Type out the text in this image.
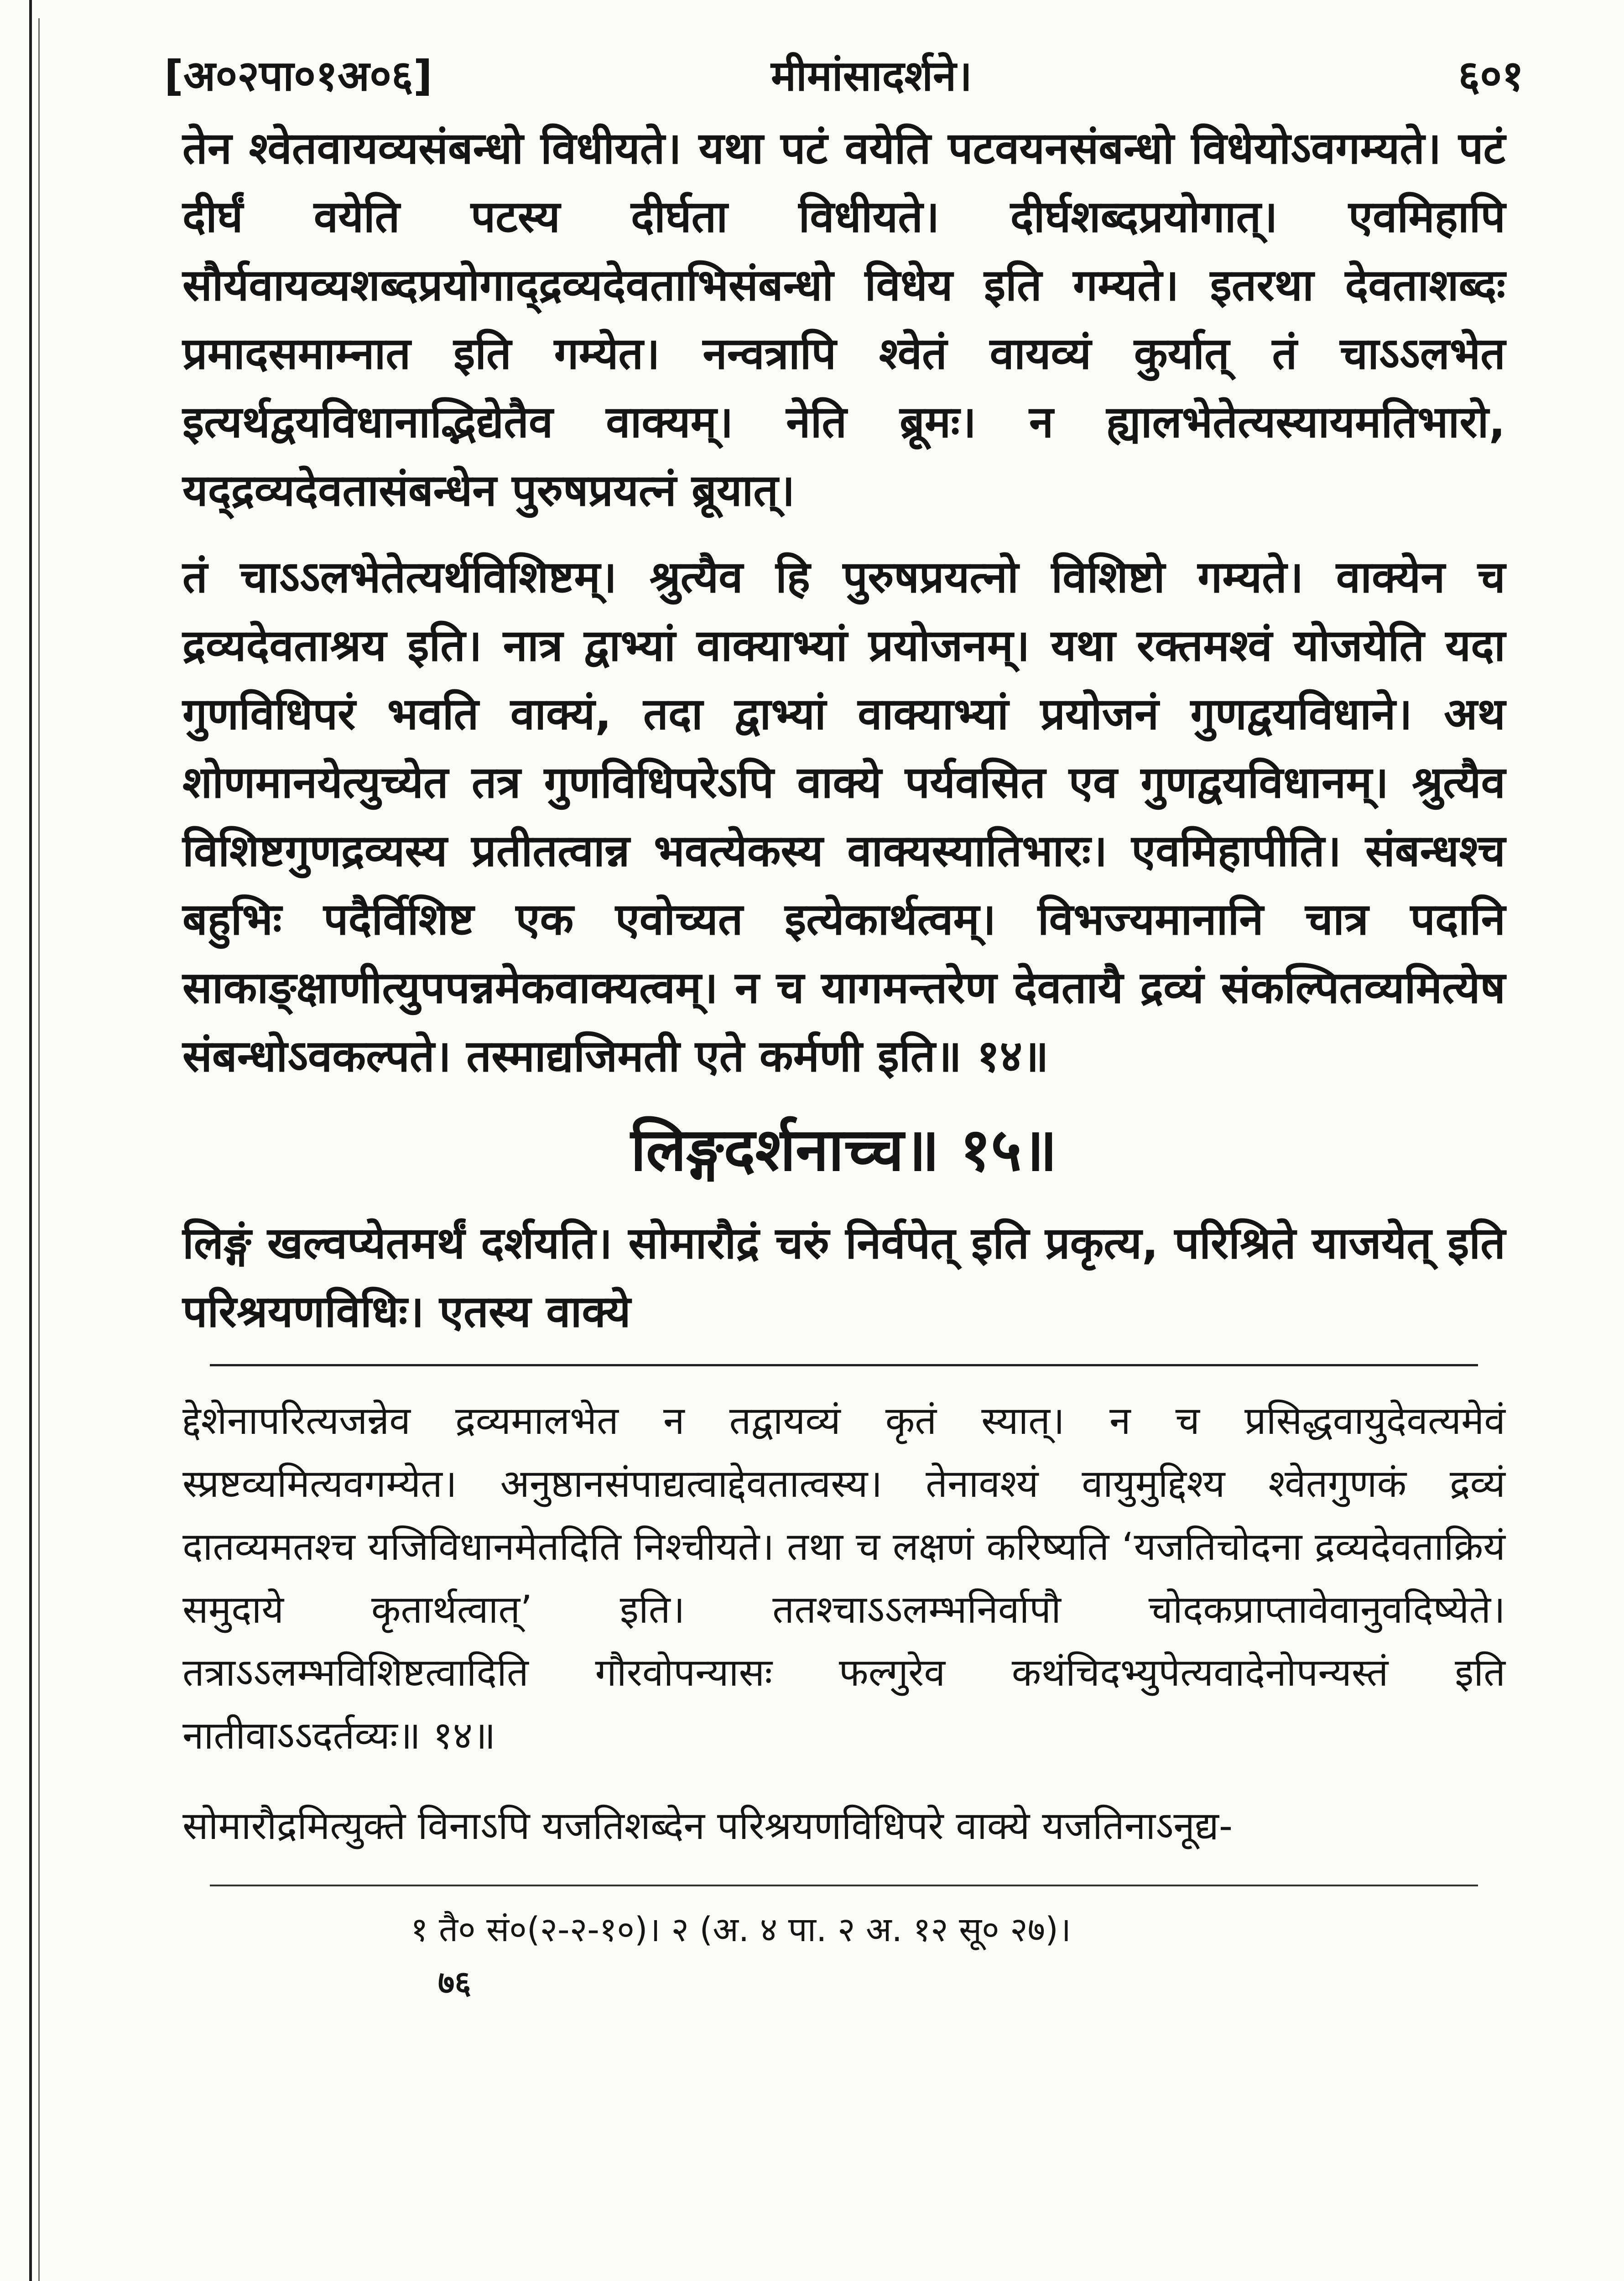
[अ०२पा०१अ०६]	मीमांसादर्शने।	६०१

तेन श्वेतवायव्यसंबन्धो विधीयते। यथा पटं वयेति पटवयनसंबन्धो विधेयोऽवगम्यते। पटं दीर्घं वयेति पटस्य दीर्घता विधीयते। दीर्घशब्दप्रयोगात्। एवमिहापि सौर्यवायव्यशब्दप्रयोगाद्द्रव्यदेवताभिसंबन्धो विधेय इति गम्यते। इतरथा देवताशब्दः प्रमादसमाम्नात इति गम्येत। नन्वत्रापि श्वेतं वायव्यं कुर्यात् तं चाऽऽलभेत इत्यर्थद्वयविधानाद्भिद्येतैव वाक्यम्। नेति ब्रूमः। न ह्यालभेतेत्यस्यायमतिभारो, यद्द्रव्यदेवतासंबन्धेन पुरुषप्रयत्नं ब्रूयात्।

तं चाऽऽलभेतेत्यर्थविशिष्टम्। श्रुत्यैव हि पुरुषप्रयत्नो विशिष्टो गम्यते। वाक्येन च द्रव्यदेवताश्रय इति। नात्र द्वाभ्यां वाक्याभ्यां प्रयोजनम्। यथा रक्तमश्वं योजयेति यदा गुणविधिपरं भवति वाक्यं, तदा द्वाभ्यां वाक्याभ्यां प्रयोजनं गुणद्वयविधाने। अथ शोणमानयेत्युच्येत तत्र गुणविधिपरेऽपि वाक्ये पर्यवसित एव गुणद्वयविधानम्। श्रुत्यैव विशिष्टगुणद्रव्यस्य प्रतीतत्वान्न भवत्येकस्य वाक्यस्यातिभारः। एवमिहापीति। संबन्धश्च बहुभिः पदैर्विशिष्ट एक एवोच्यत इत्येकार्थत्वम्। विभज्यमानानि चात्र पदानि साकाङ्क्षाणीत्युपपन्नमेकवाक्यत्वम्। न च यागमन्तरेण देवतायै द्रव्यं संकल्पितव्यमित्येष संबन्धोऽवकल्पते। तस्माद्यजिमती एते कर्मणी इति॥ १४॥

लिङ्गदर्शनाच्च॥ १५॥

लिङ्गं खल्वप्येतमर्थं दर्शयति। सोमारौद्रं चरुं निर्वपेत् इति प्रकृत्य, परिश्रिते याजयेत् इति परिश्रयणविधिः। एतस्य वाक्ये

द्देशेनापरित्यजन्नेव द्रव्यमालभेत न तद्वायव्यं कृतं स्यात्। न च प्रसिद्धवायुदेवत्यमेवं स्प्रष्टव्यमित्यवगम्येत। अनुष्ठानसंपाद्यत्वाद्देवतात्वस्य। तेनावश्यं वायुमुद्दिश्य श्वेतगुणकं द्रव्यं दातव्यमतश्च यजिविधानमेतदिति निश्चीयते। तथा च लक्षणं करिष्यति ‘यजतिचोदना द्रव्यदेवताक्रियं समुदाये कृतार्थत्वात्’ इति। ततश्चाऽऽलम्भनिर्वापौ चोदकप्राप्तावेवानुवदिष्येते। तत्राऽऽलम्भविशिष्टत्वादिति गौरवोपन्यासः फल्गुरेव कथंचिदभ्युपेत्यवादेनोपन्यस्तं इति नातीवाऽऽदर्तव्यः॥ १४॥

सोमारौद्रमित्युक्ते विनाऽपि यजतिशब्देन परिश्रयणविधिपरे वाक्ये यजतिनाऽनूद्य-

१ तै० सं०(२-२-१०)। २ (अ. ४ पा. २ अ. १२ सू० २७)।
७६
